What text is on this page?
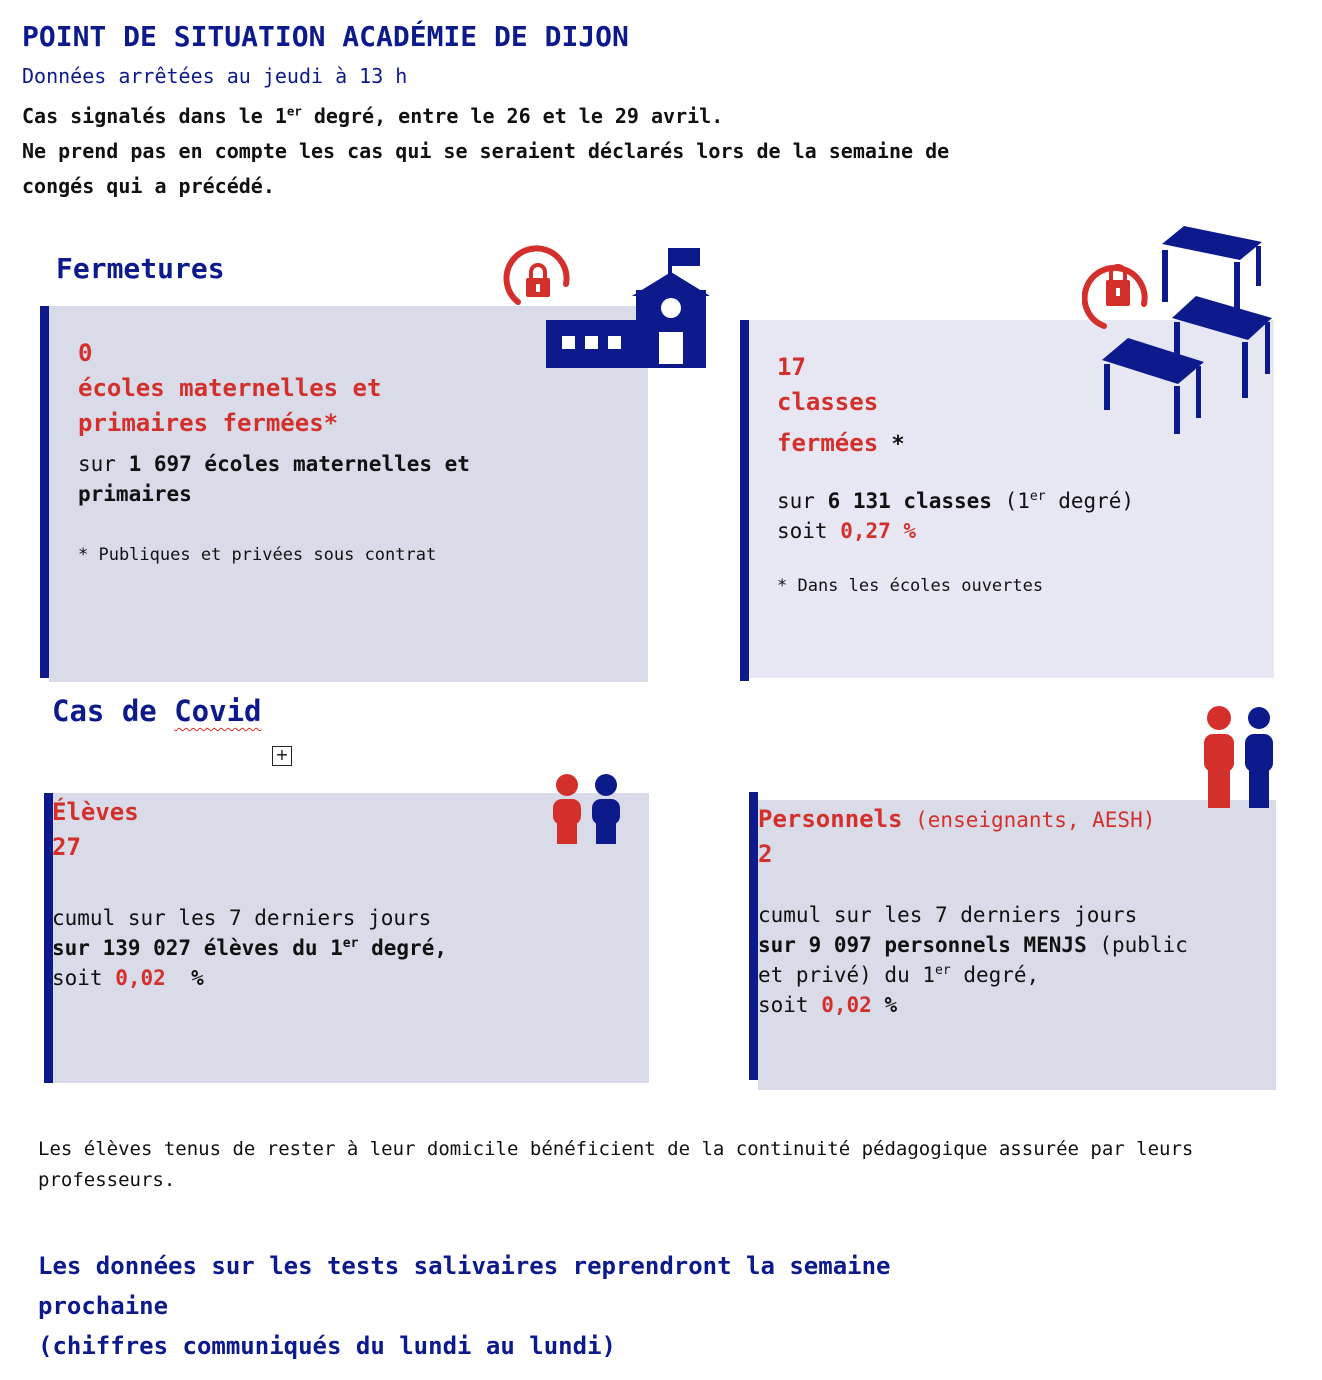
POINT DE SITUATION ACADÉMIE DE DIJON
Données arrêtées au jeudi à 13 h
Cas signalés dans le 1er degré, entre le 26 et le 29 avril.
Ne prend pas en compte les cas qui se seraient déclarés lors de la semaine de
congés qui a précédé.
Fermetures
0
écoles maternelles et
primaires fermées*
sur 1 697 écoles maternelles et
primaires
* Publiques et privées sous contrat
17
classes
fermées *
sur 6 131 classes (1er degré)
soit 0,27 %
* Dans les écoles ouvertes
Cas de Covid
+
Élèves
27
cumul sur les 7 derniers jours
sur 139 027 élèves du 1er degré,
soit 0,02  %
Personnels (enseignants, AESH)
2
cumul sur les 7 derniers jours
sur 9 097 personnels MENJS (public
et privé) du 1er degré,
soit 0,02 %
Les élèves tenus de rester à leur domicile bénéficient de la continuité pédagogique assurée par leurs professeurs.
Les données sur les tests salivaires reprendront la semaine
prochaine
(chiffres communiqués du lundi au lundi)
